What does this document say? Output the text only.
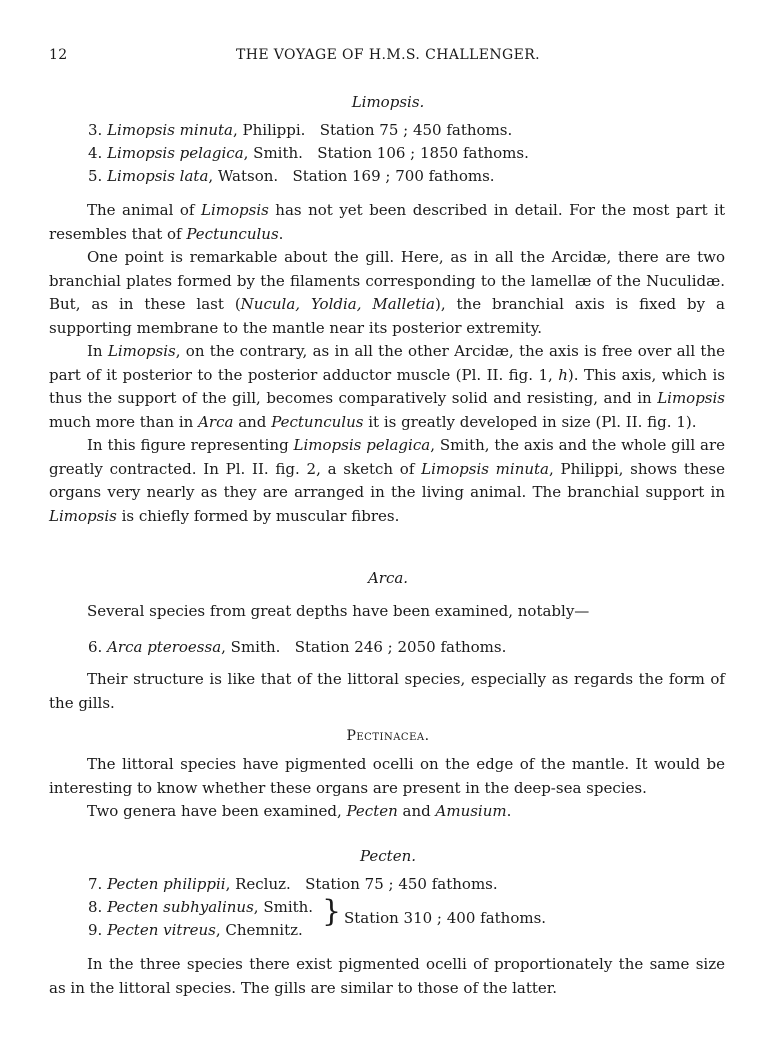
12	THE VOYAGE OF H.M.S. CHALLENGER.
Limopsis.
3. Limopsis minuta, Philippi. Station 75 ; 450 fathoms.
4. Limopsis pelagica, Smith. Station 106 ; 1850 fathoms.
5. Limopsis lata, Watson. Station 169 ; 700 fathoms.

The animal of Limopsis has not yet been described in detail. For the most part it resembles that of Pectunculus.

One point is remarkable about the gill. Here, as in all the Arcidæ, there are two branchial plates formed by the filaments corresponding to the lamellæ of the Nuculidæ. But, as in these last (Nucula, Yoldia, Malletia), the branchial axis is fixed by a supporting membrane to the mantle near its posterior extremity.

In Limopsis, on the contrary, as in all the other Arcidæ, the axis is free over all the part of it posterior to the posterior adductor muscle (Pl. II. fig. 1, h). This axis, which is thus the support of the gill, becomes comparatively solid and resisting, and in Limopsis much more than in Arca and Pectunculus it is greatly developed in size (Pl. II. fig. 1).

In this figure representing Limopsis pelagica, Smith, the axis and the whole gill are greatly contracted. In Pl. II. fig. 2, a sketch of Limopsis minuta, Philippi, shows these organs very nearly as they are arranged in the living animal. The branchial support in Limopsis is chiefly formed by muscular fibres.

Arca.

Several species from great depths have been examined, notably—

6. Arca pteroessa, Smith. Station 246 ; 2050 fathoms.

Their structure is like that of the littoral species, especially as regards the form of the gills.

Pectinacea.

The littoral species have pigmented ocelli on the edge of the mantle. It would be interesting to know whether these organs are present in the deep-sea species.

Two genera have been examined, Pecten and Amusium.

Pecten.
7. Pecten philippii, Recluz. Station 75 ; 450 fathoms.
8. Pecten subhyalinus, Smith.
9. Pecten vitreus, Chemnitz.
} Station 310 ; 400 fathoms.

In the three species there exist pigmented ocelli of proportionately the same size as in the littoral species. The gills are similar to those of the latter.
